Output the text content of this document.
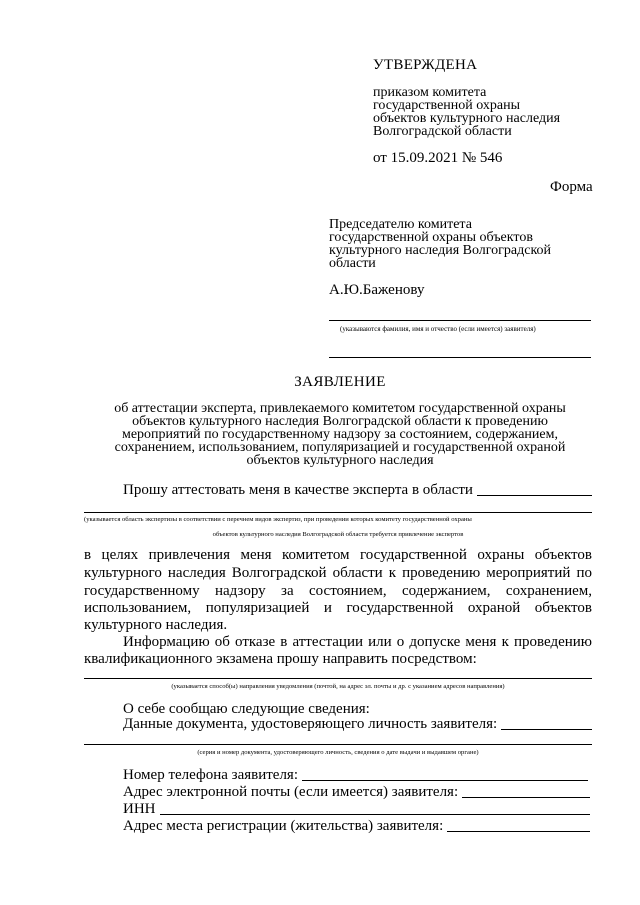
УТВЕРЖДЕНА
приказом комитета
государственной охраны
объектов культурного наследия
Волгоградской области
от 15.09.2021 № 546
Форма
Председателю комитета
государственной охраны объектов
культурного наследия Волгоградской
области
А.Ю.Баженову
(указываются фамилия, имя и отчество (если имеется) заявителя)
ЗАЯВЛЕНИЕ
об аттестации эксперта, привлекаемого комитетом государственной охраны
объектов культурного наследия Волгоградской области к проведению
мероприятий по государственному надзору за состоянием, содержанием,
сохранением, использованием, популяризацией и государственной охраной
объектов культурного наследия
Прошу аттестовать меня в качестве эксперта в области
(указывается область экспертизы в соответствии с перечнем видов экспертиз, при проведении которых комитету государственной охраны
объектов культурного наследия Волгоградской области требуется привлечение экспертов
в целях привлечения меня комитетом государственной охраны объектов
культурного наследия Волгоградской области к проведению мероприятий по
государственному надзору за состоянием, содержанием, сохранением,
использованием, популяризацией и государственной охраной объектов
культурного наследия.
Информацию об отказе в аттестации или о допуске меня к проведению
квалификационного экзамена прошу направить посредством:
(указывается способ(ы) направления уведомления (почтой, на адрес эл. почты и др. с указанием адресов направления)
О себе сообщаю следующие сведения:
Данные документа, удостоверяющего личность заявителя:
(серия и номер документа, удостоверяющего личность, сведения о дате выдачи и выдавшем органе)
Номер телефона заявителя:
Адрес электронной почты (если имеется) заявителя:
ИНН
Адрес места регистрации (жительства) заявителя:
